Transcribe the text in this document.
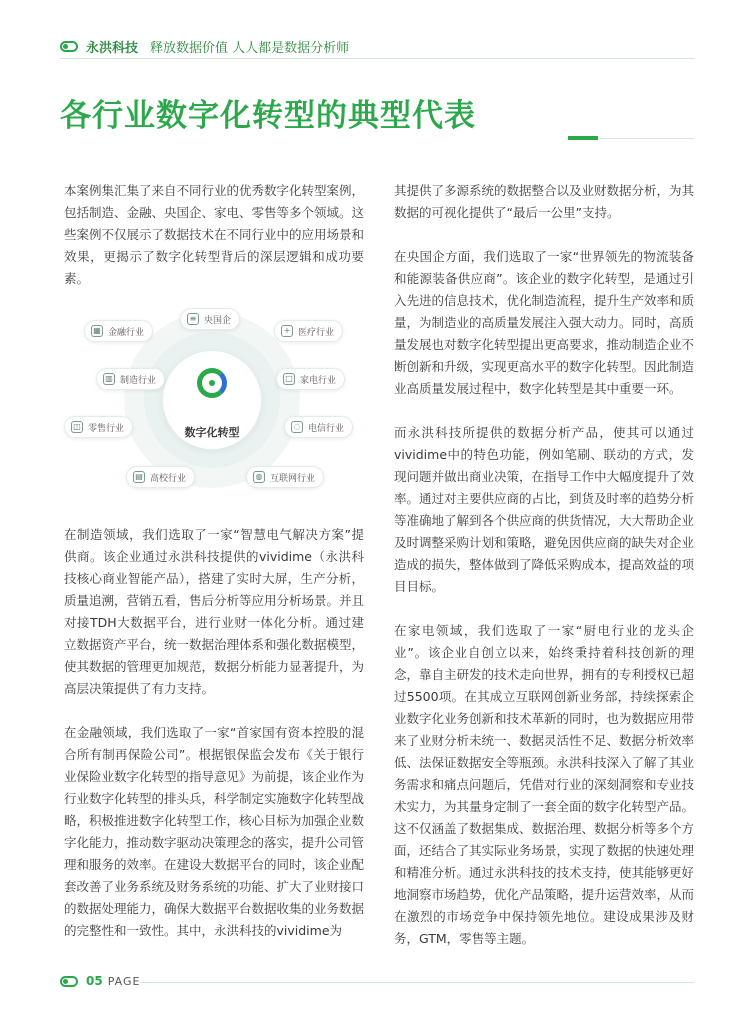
永洪科技 释放数据价值 人人都是数据分析师
各行业数字化转型的典型代表

本案例集汇集了来自不同行业的优秀数字化转型案例，包括制造、金融、央国企、家电、零售等多个领域。这些案例不仅展示了数据技术在不同行业中的应用场景和效果，更揭示了数字化转型背后的深层逻辑和成功要素。

数字化转型
▦ 金融行业
≡ 央国企
+ 医疗行业
▥ 制造行业	□ 家电行业
◫ 零售行业	◌ 电信行业
▤ 高校行业	◍ 互联网行业

在制造领域，我们选取了一家“智慧电气解决方案”提供商。该企业通过永洪科技提供的vividime（永洪科技核心商业智能产品），搭建了实时大屏，生产分析，质量追溯，营销五看，售后分析等应用分析场景。并且对接TDH大数据平台，进行业财一体化分析。通过建立数据资产平台，统一数据治理体系和强化数据模型，使其数据的管理更加规范，数据分析能力显著提升，为高层决策提供了有力支持。

在金融领域，我们选取了一家“首家国有资本控股的混合所有制再保险公司”。根据银保监会发布《关于银行业保险业数字化转型的指导意见》为前提，该企业作为行业数字化转型的排头兵，科学制定实施数字化转型战略，积极推进数字化转型工作，核心目标为加强企业数字化能力，推动数字驱动决策理念的落实，提升公司管理和服务的效率。在建设大数据平台的同时，该企业配套改善了业务系统及财务系统的功能、扩大了业财接口的数据处理能力，确保大数据平台数据收集的业务数据的完整性和一致性。其中，永洪科技的vividime为

其提供了多源系统的数据整合以及业财数据分析，为其数据的可视化提供了“最后一公里”支持。

在央国企方面，我们选取了一家“世界领先的物流装备和能源装备供应商”。该企业的数字化转型，是通过引入先进的信息技术，优化制造流程，提升生产效率和质量，为制造业的高质量发展注入强大动力。同时，高质量发展也对数字化转型提出更高要求，推动制造企业不断创新和升级，实现更高水平的数字化转型。因此制造业高质量发展过程中，数字化转型是其中重要一环。

而永洪科技所提供的数据分析产品，使其可以通过vividime中的特色功能，例如笔刷、联动的方式，发现问题并做出商业决策，在指导工作中大幅度提升了效率。通过对主要供应商的占比，到货及时率的趋势分析等准确地了解到各个供应商的供货情况，大大帮助企业及时调整采购计划和策略，避免因供应商的缺失对企业造成的损失，整体做到了降低采购成本，提高效益的项目目标。

在家电领域，我们选取了一家“厨电行业的龙头企业”。该企业自创立以来，始终秉持着科技创新的理念，靠自主研发的技术走向世界，拥有的专利授权已超过5500项。在其成立互联网创新业务部，持续探索企业数字化业务创新和技术革新的同时，也为数据应用带来了业财分析未统一、数据灵活性不足、数据分析效率低、法保证数据安全等瓶颈。永洪科技深入了解了其业务需求和痛点问题后，凭借对行业的深刻洞察和专业技术实力，为其量身定制了一套全面的数字化转型产品。这不仅涵盖了数据集成、数据治理、数据分析等多个方面，还结合了其实际业务场景，实现了数据的快速处理和精准分析。通过永洪科技的技术支持，使其能够更好地洞察市场趋势，优化产品策略，提升运营效率，从而在激烈的市场竞争中保持领先地位。建设成果涉及财务，GTM，零售等主题。

05 PAGE
